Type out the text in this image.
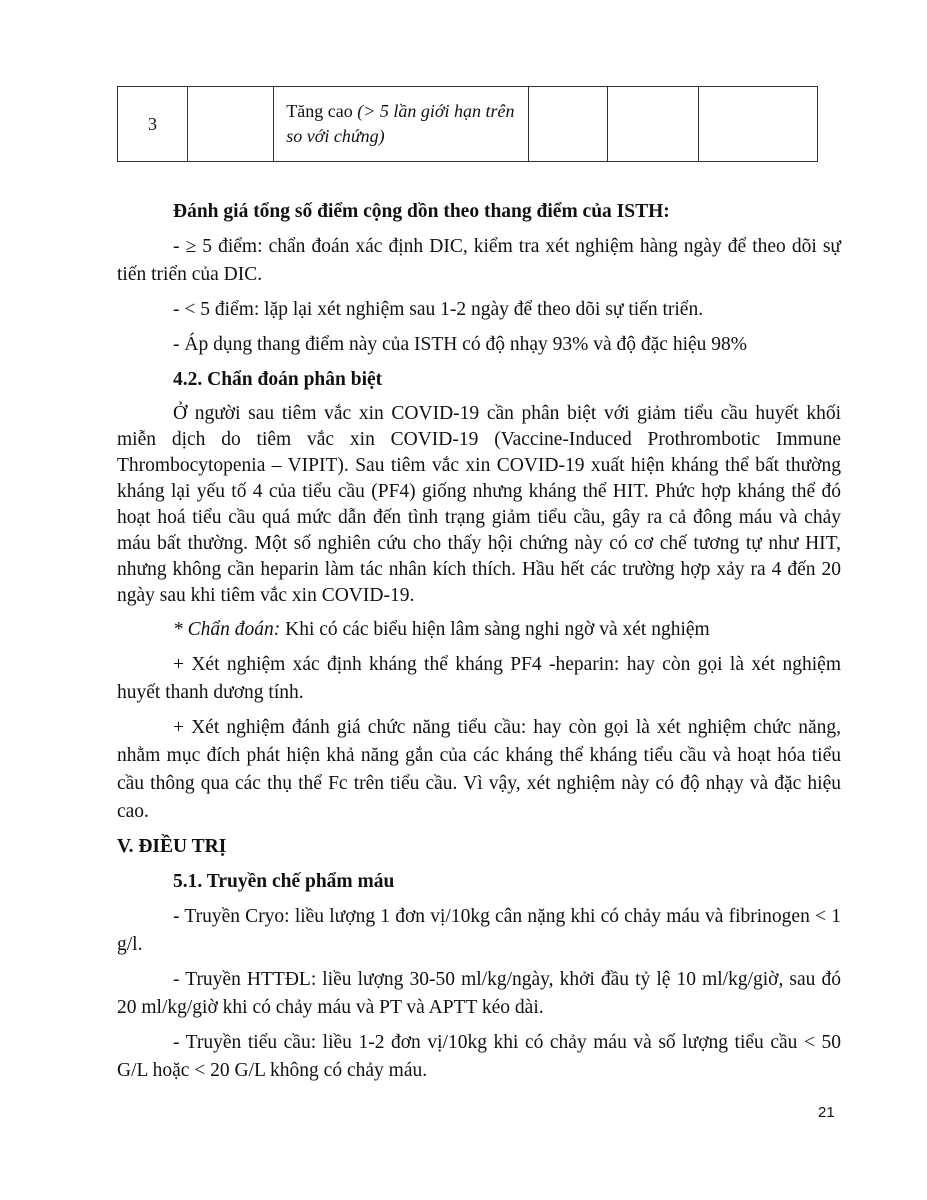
3		Tăng cao (> 5 lần giới hạn trên so với chứng)			

Đánh giá tổng số điểm cộng dồn theo thang điểm của ISTH:

- ≥ 5 điểm: chẩn đoán xác định DIC, kiểm tra xét nghiệm hàng ngày để theo dõi sự tiến triển của DIC.

- < 5 điểm: lặp lại xét nghiệm sau 1-2 ngày để theo dõi sự tiến triển.

- Áp dụng thang điểm này của ISTH có độ nhạy 93% và độ đặc hiệu 98%

4.2. Chẩn đoán phân biệt

Ở người sau tiêm vắc xin COVID-19 cần phân biệt với giảm tiểu cầu huyết khối miễn dịch do tiêm vắc xin COVID-19 (Vaccine-Induced Prothrombotic Immune Thrombocytopenia – VIPIT). Sau tiêm vắc xin COVID-19 xuất hiện kháng thể bất thường kháng lại yếu tố 4 của tiểu cầu (PF4) giống nhưng kháng thể HIT. Phức hợp kháng thể đó hoạt hoá tiểu cầu quá mức dẫn đến tình trạng giảm tiểu cầu, gây ra cả đông máu và chảy máu bất thường. Một số nghiên cứu cho thấy hội chứng này có cơ chế tương tự như HIT, nhưng không cần heparin làm tác nhân kích thích. Hầu hết các trường hợp xảy ra 4 đến 20 ngày sau khi tiêm vắc xin COVID-19.

* Chẩn đoán: Khi có các biểu hiện lâm sàng nghi ngờ và xét nghiệm

+ Xét nghiệm xác định kháng thể kháng PF4 -heparin: hay còn gọi là xét nghiệm huyết thanh dương tính.

+ Xét nghiệm đánh giá chức năng tiểu cầu: hay còn gọi là xét nghiệm chức năng, nhằm mục đích phát hiện khả năng gắn của các kháng thể kháng tiểu cầu và hoạt hóa tiểu cầu thông qua các thụ thể Fc trên tiểu cầu. Vì vậy, xét nghiệm này có độ nhạy và đặc hiệu cao.

V. ĐIỀU TRỊ

5.1. Truyền chế phẩm máu

- Truyền Cryo: liều lượng 1 đơn vị/10kg cân nặng khi có chảy máu và fibrinogen < 1 g/l.

- Truyền HTTĐL: liều lượng 30-50 ml/kg/ngày, khởi đầu tỷ lệ 10 ml/kg/giờ, sau đó 20 ml/kg/giờ khi có chảy máu và PT và APTT kéo dài.

- Truyền tiểu cầu: liều 1-2 đơn vị/10kg khi có chảy máu và số lượng tiểu cầu < 50 G/L hoặc < 20 G/L không có chảy máu.

21
